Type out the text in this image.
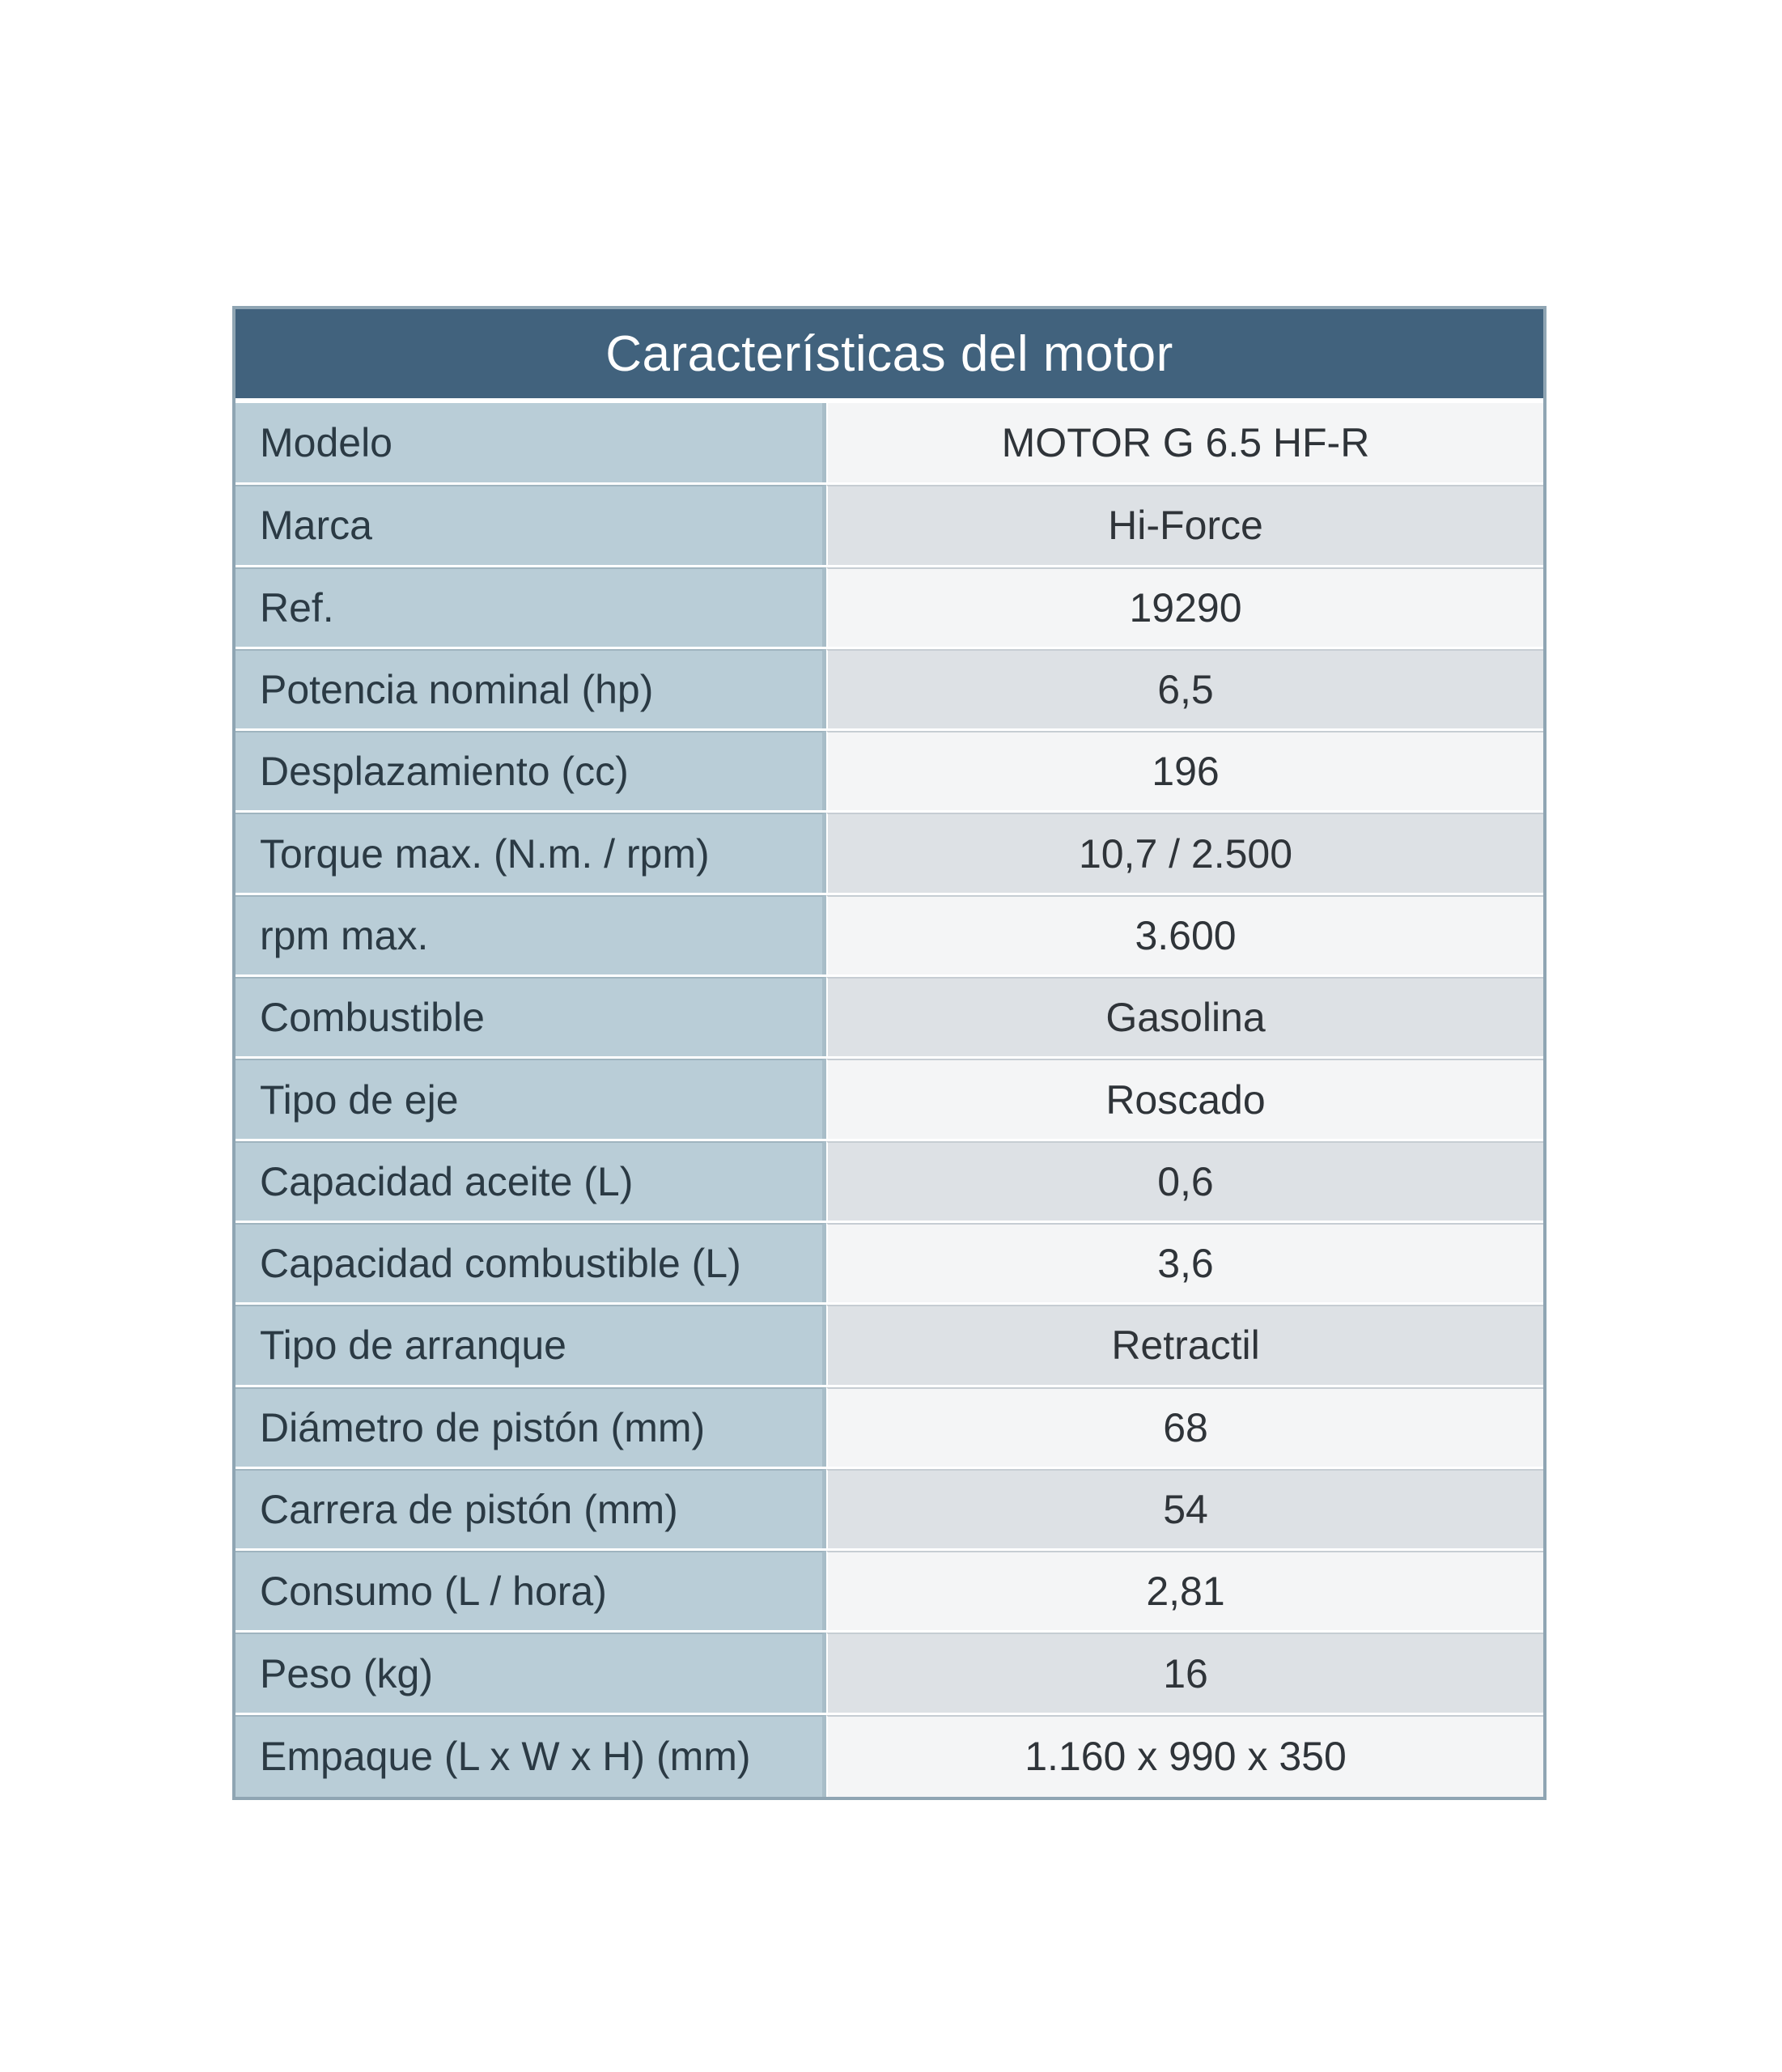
Características del motor
Modelo	MOTOR G 6.5 HF-R
Marca	Hi-Force
Ref.	19290
Potencia nominal (hp)	6,5
Desplazamiento (cc)	196
Torque max. (N.m. / rpm)	10,7 / 2.500
rpm max.	3.600
Combustible	Gasolina
Tipo de eje	Roscado
Capacidad aceite (L)	0,6
Capacidad combustible (L)	3,6
Tipo de arranque	Retractil
Diámetro de pistón (mm)	68
Carrera de pistón (mm)	54
Consumo (L / hora)	2,81
Peso (kg)	16
Empaque (L x W x H) (mm)	1.160 x 990 x 350
